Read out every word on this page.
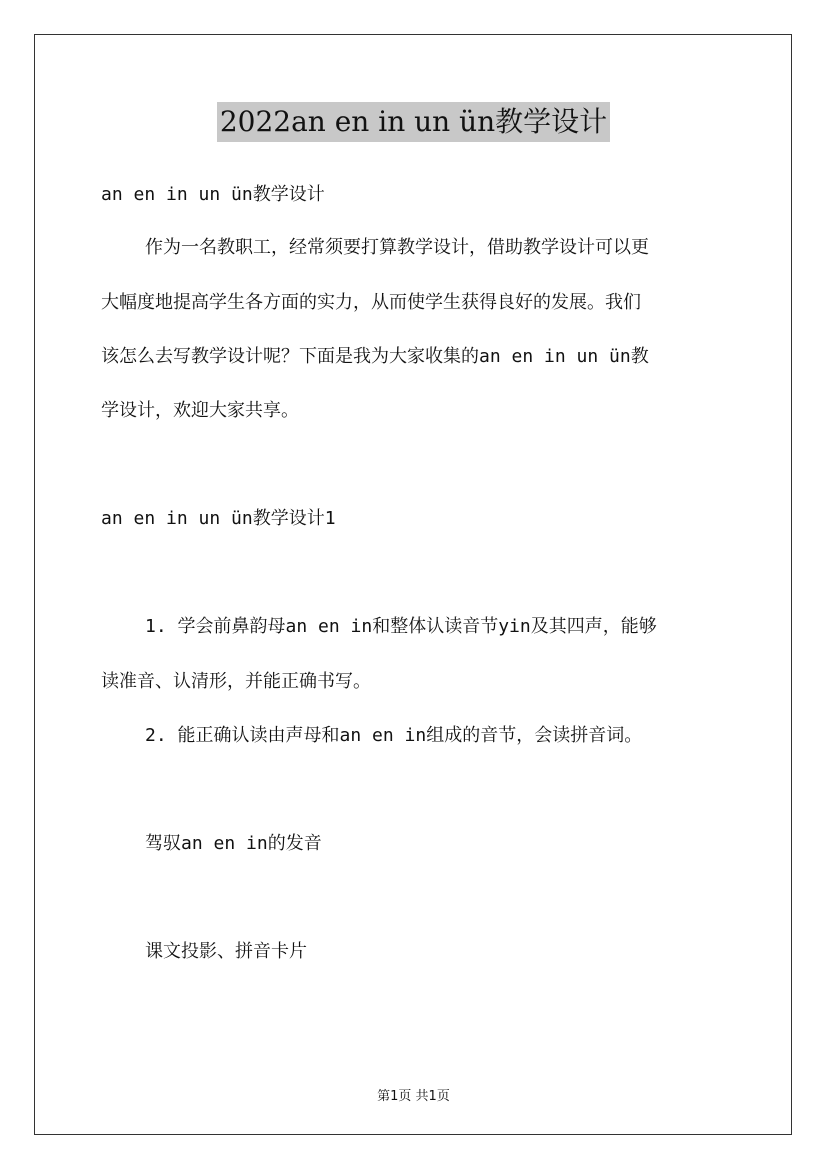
2022an en in un ün教学设计
an en in un ün教学设计
作为一名教职工，经常须要打算教学设计，借助教学设计可以更
大幅度地提高学生各方面的实力，从而使学生获得良好的发展。我们
该怎么去写教学设计呢？下面是我为大家收集的an en in un ün教
学设计，欢迎大家共享。
an en in un ün教学设计1
1. 学会前鼻韵母an en in和整体认读音节yin及其四声，能够
读准音、认清形，并能正确书写。
2. 能正确认读由声母和an en in组成的音节，会读拼音词。
驾驭an en in的发音
课文投影、拼音卡片
第1页 共1页
